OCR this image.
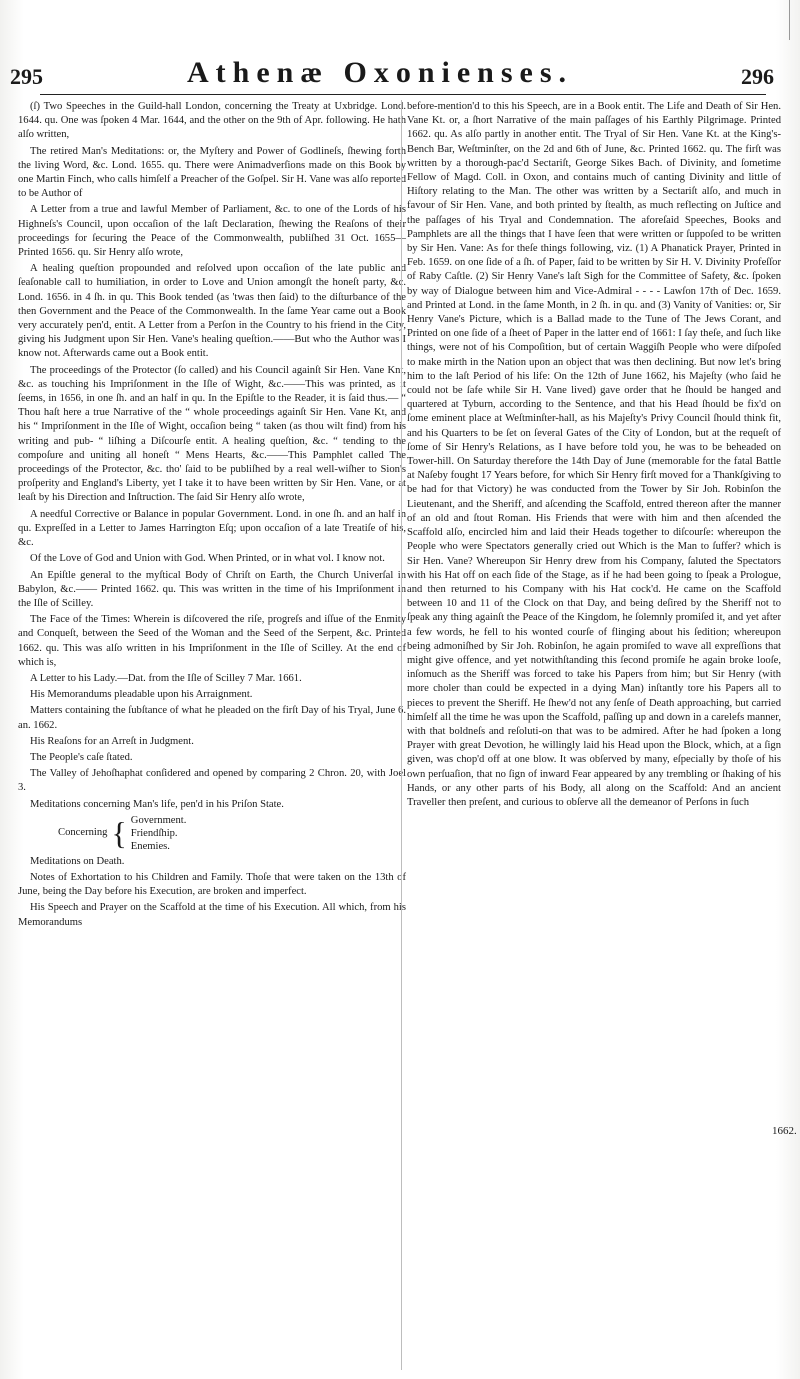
295	Athenæ Oxonienses.	296

(ſ) Two Speeches in the Guild-hall London, concerning the Treaty at Uxbridge. Lond. 1644. qu. One was ſpoken 4 Mar. 1644, and the other on the 9th of Apr. following. He hath alſo written,

The retired Man's Meditations: or, the Myſtery and Power of Godlineſs, ſhewing forth the living Word, &c. Lond. 1655. qu. There were Animadverſions made on this Book by one Martin Finch, who calls himſelf a Preacher of the Goſpel. Sir H. Vane was alſo reported to be Author of

A Letter from a true and lawful Member of Parliament, &c. to one of the Lords of his Highneſs's Council, upon occaſion of the laſt Declaration, ſhewing the Reaſons of their proceedings for ſecuring the Peace of the Commonwealth, publiſhed 31 Oct. 1655—Printed 1656. qu. Sir Henry alſo wrote,

A healing queſtion propounded and reſolved upon occaſion of the late public and ſeaſonable call to humiliation, in order to Love and Union amongſt the honeſt party, &c. Lond. 1656. in 4 ſh. in qu. This Book tended (as 'twas then ſaid) to the diſturbance of the then Government and the Peace of the Commonwealth. In the ſame Year came out a Book very accurately pen'd, entit. A Letter from a Perſon in the Country to his friend in the City, giving his Judgment upon Sir Hen. Vane's healing queſtion.——But who the Author was I know not. Afterwards came out a Book entit.

The proceedings of the Protector (ſo called) and his Council againſt Sir Hen. Vane Knt, &c. as touching his Impriſonment in the Iſle of Wight, &c.——This was printed, as it ſeems, in 1656, in one ſh. and an half in qu. In the Epiſtle to the Reader, it is ſaid thus.— “ Thou haſt here a true Narrative of the “ whole proceedings againſt Sir Hen. Vane Kt, and his “ Impriſonment in the Iſle of Wight, occaſion being “ taken (as thou wilt find) from his writing and pub- “ liſhing a Diſcourſe entit. A healing queſtion, &c. “ tending to the compoſure and uniting all honeſt “ Mens Hearts, &c.——This Pamphlet called The proceedings of the Protector, &c. tho' ſaid to be publiſhed by a real well-wiſher to Sion's proſperity and England's Liberty, yet I take it to have been written by Sir Hen. Vane, or at leaſt by his Direction and Inſtruction. The ſaid Sir Henry alſo wrote,

A needful Corrective or Balance in popular Government. Lond. in one ſh. and an half in qu. Expreſſed in a Letter to James Harrington Eſq; upon occaſion of a late Treatiſe of his, &c.

Of the Love of God and Union with God. When Printed, or in what vol. I know not.

An Epiſtle general to the myſtical Body of Chriſt on Earth, the Church Univerſal in Babylon, &c.—— Printed 1662. qu. This was written in the time of his Impriſonment in the Iſle of Scilley.

The Face of the Times: Wherein is diſcovered the riſe, progreſs and iſſue of the Enmity and Conqueſt, between the Seed of the Woman and the Seed of the Serpent, &c. Printed 1662. qu. This was alſo written in his Impriſonment in the Iſle of Scilley. At the end of which is,

A Letter to his Lady.—Dat. from the Iſle of Scilley 7 Mar. 1661.

His Memorandums pleadable upon his Arraignment.

Matters containing the ſubſtance of what he pleaded on the firſt Day of his Tryal, June 6. an. 1662.

His Reaſons for an Arreſt in Judgment.

The People's caſe ſtated.

The Valley of Jehoſhaphat conſidered and opened by comparing 2 Chron. 20, with Joel 3.

Meditations concerning Man's life, pen'd in his Priſon State.

Concerning { Government.
Friendſhip.
Enemies.

Meditations on Death.

Notes of Exhortation to his Children and Family. Thoſe that were taken on the 13th of June, being the Day before his Execution, are broken and imperfect.

His Speech and Prayer on the Scaffold at the time of his Execution. All which, from his Memorandums

before-mention'd to this his Speech, are in a Book entit. The Life and Death of Sir Hen. Vane Kt. or, a ſhort Narrative of the main paſſages of his Earthly Pilgrimage. Printed 1662. qu. As alſo partly in another entit. The Tryal of Sir Hen. Vane Kt. at the King's-Bench Bar, Weſtminſter, on the 2d and 6th of June, &c. Printed 1662. qu. The firſt was written by a thorough-pac'd Sectariſt, George Sikes Bach. of Divinity, and ſometime Fellow of Magd. Coll. in Oxon, and contains much of canting Divinity and little of Hiſtory relating to the Man. The other was written by a Sectariſt alſo, and much in favour of Sir Hen. Vane, and both printed by ſtealth, as much reflecting on Juſtice and the paſſages of his Tryal and Condemnation. The aforeſaid Speeches, Books and Pamphlets are all the things that I have ſeen that were written or ſuppoſed to be written by Sir Hen. Vane: As for theſe things following, viz. (1) A Phanatick Prayer, Printed in Feb. 1659. on one ſide of a ſh. of Paper, ſaid to be written by Sir H. V. Divinity Profeſſor of Raby Caſtle. (2) Sir Henry Vane's laſt Sigh for the Committee of Safety, &c. ſpoken by way of Dialogue between him and Vice-Admiral - - - - Lawſon 17th of Dec. 1659. and Printed at Lond. in the ſame Month, in 2 ſh. in qu. and (3) Vanity of Vanities: or, Sir Henry Vane's Picture, which is a Ballad made to the Tune of The Jews Corant, and Printed on one ſide of a ſheet of Paper in the latter end of 1661: I ſay theſe, and ſuch like things, were not of his Compoſition, but of certain Waggiſh People who were diſpoſed to make mirth in the Nation upon an object that was then declining. But now let's bring him to the laſt Period of his life: On the 12th of June 1662, his Majeſty (who ſaid he could not be ſafe while Sir H. Vane lived) gave order that he ſhould be hanged and quartered at Tyburn, according to the Sentence, and that his Head ſhould be fix'd on ſome eminent place at Weſtminſter-hall, as his Majeſty's Privy Council ſhould think fit, and his Quarters to be ſet on ſeveral Gates of the City of London, but at the requeſt of ſome of Sir Henry's Relations, as I have before told you, he was to be beheaded on Tower-hill. On Saturday therefore the 14th Day of June (memorable for the fatal Battle at Naſeby fought 17 Years before, for which Sir Henry firſt moved for a Thankſgiving to be had for that Victory) he was conducted from the Tower by Sir Joh. Robinſon the Lieutenant, and the Sheriff, and aſcending the Scaffold, entred thereon after the manner of an old and ſtout Roman. His Friends that were with him and then aſcended the Scaffold alſo, encircled him and laid their Heads together to diſcourſe: whereupon the People who were Spectators generally cried out Which is the Man to ſuffer? which is Sir Hen. Vane? Whereupon Sir Henry drew from his Company, ſaluted the Spectators with his Hat off on each ſide of the Stage, as if he had been going to ſpeak a Prologue, and then returned to his Company with his Hat cock'd. He came on the Scaffold between 10 and 11 of the Clock on that Day, and being deſired by the Sheriff not to ſpeak any thing againſt the Peace of the Kingdom, he ſolemnly promiſed it, and yet after a few words, he fell to his wonted courſe of flinging about his ſedition; whereupon being admoniſhed by Sir Joh. Robinſon, he again promiſed to wave all expreſſions that might give offence, and yet notwithſtanding this ſecond promiſe he again broke looſe, inſomuch as the Sheriff was forced to take his Papers from him; but Sir Henry (with more choler than could be expected in a dying Man) inſtantly tore his Papers all to pieces to prevent the Sheriff. He ſhew'd not any ſenſe of Death approaching, but carried himſelf all the time he was upon the Scaffold, paſſing up and down in a carelefs manner, with that boldneſs and reſoluti-on that was to be admired. After he had ſpoken a long Prayer with great Devotion, he willingly laid his Head upon the Block, which, at a ſign given, was chop'd off at one blow. It was obſerved by many, eſpecially by thoſe of his own perſuaſion, that no ſign of inward Fear appeared by any trembling or ſhaking of his Hands, or any other parts of his Body, all along on the Scaffold: And an ancient Traveller then preſent, and curious to obſerve all the demeanor of Perſons in ſuch

1662.
